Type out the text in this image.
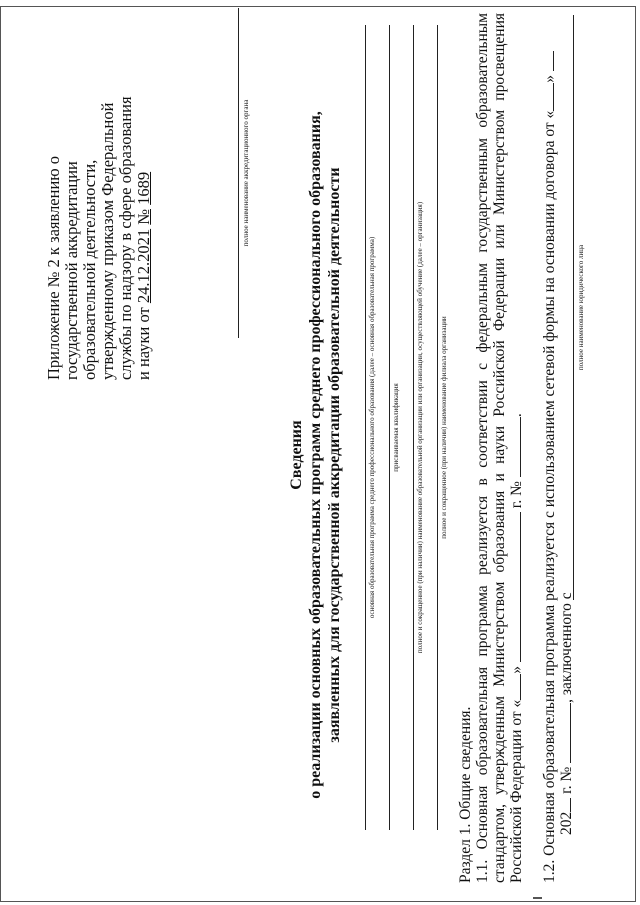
Приложение № 2 к заявлению о государственной аккредитации образовательной деятельности, утвержденному приказом Федеральной службы по надзору в сфере образования и науки от 24.12.2021 № 1689	полное наименование аккредитационного органа
Сведения о реализации основных образовательных программ среднего профессионального образования, заявленных для государственной аккредитации образовательной деятельности	основная образовательная программа среднего профессионального образования (далее – основная образовательная программа) присваиваемая квалификация полное и сокращенное (при наличии) наименование образовательной организации или организации, осуществляющей обучение (далее – организация) полное и сокращенное (при наличии) наименование филиала организации
Раздел 1. Общие сведения. 1.1. Основная образовательная программа реализуется в соответствии с федеральным государственным образовательным стандартом, утвержденным Министерством образования и науки Российской Федерации или Министерством просвещения Российской Федерации от «»  г. № . 1.2. Основная образовательная программа реализуется с использованием сетевой формы на основании договора от «»
202 г. № , заключенного с
полное наименование юридического лица
